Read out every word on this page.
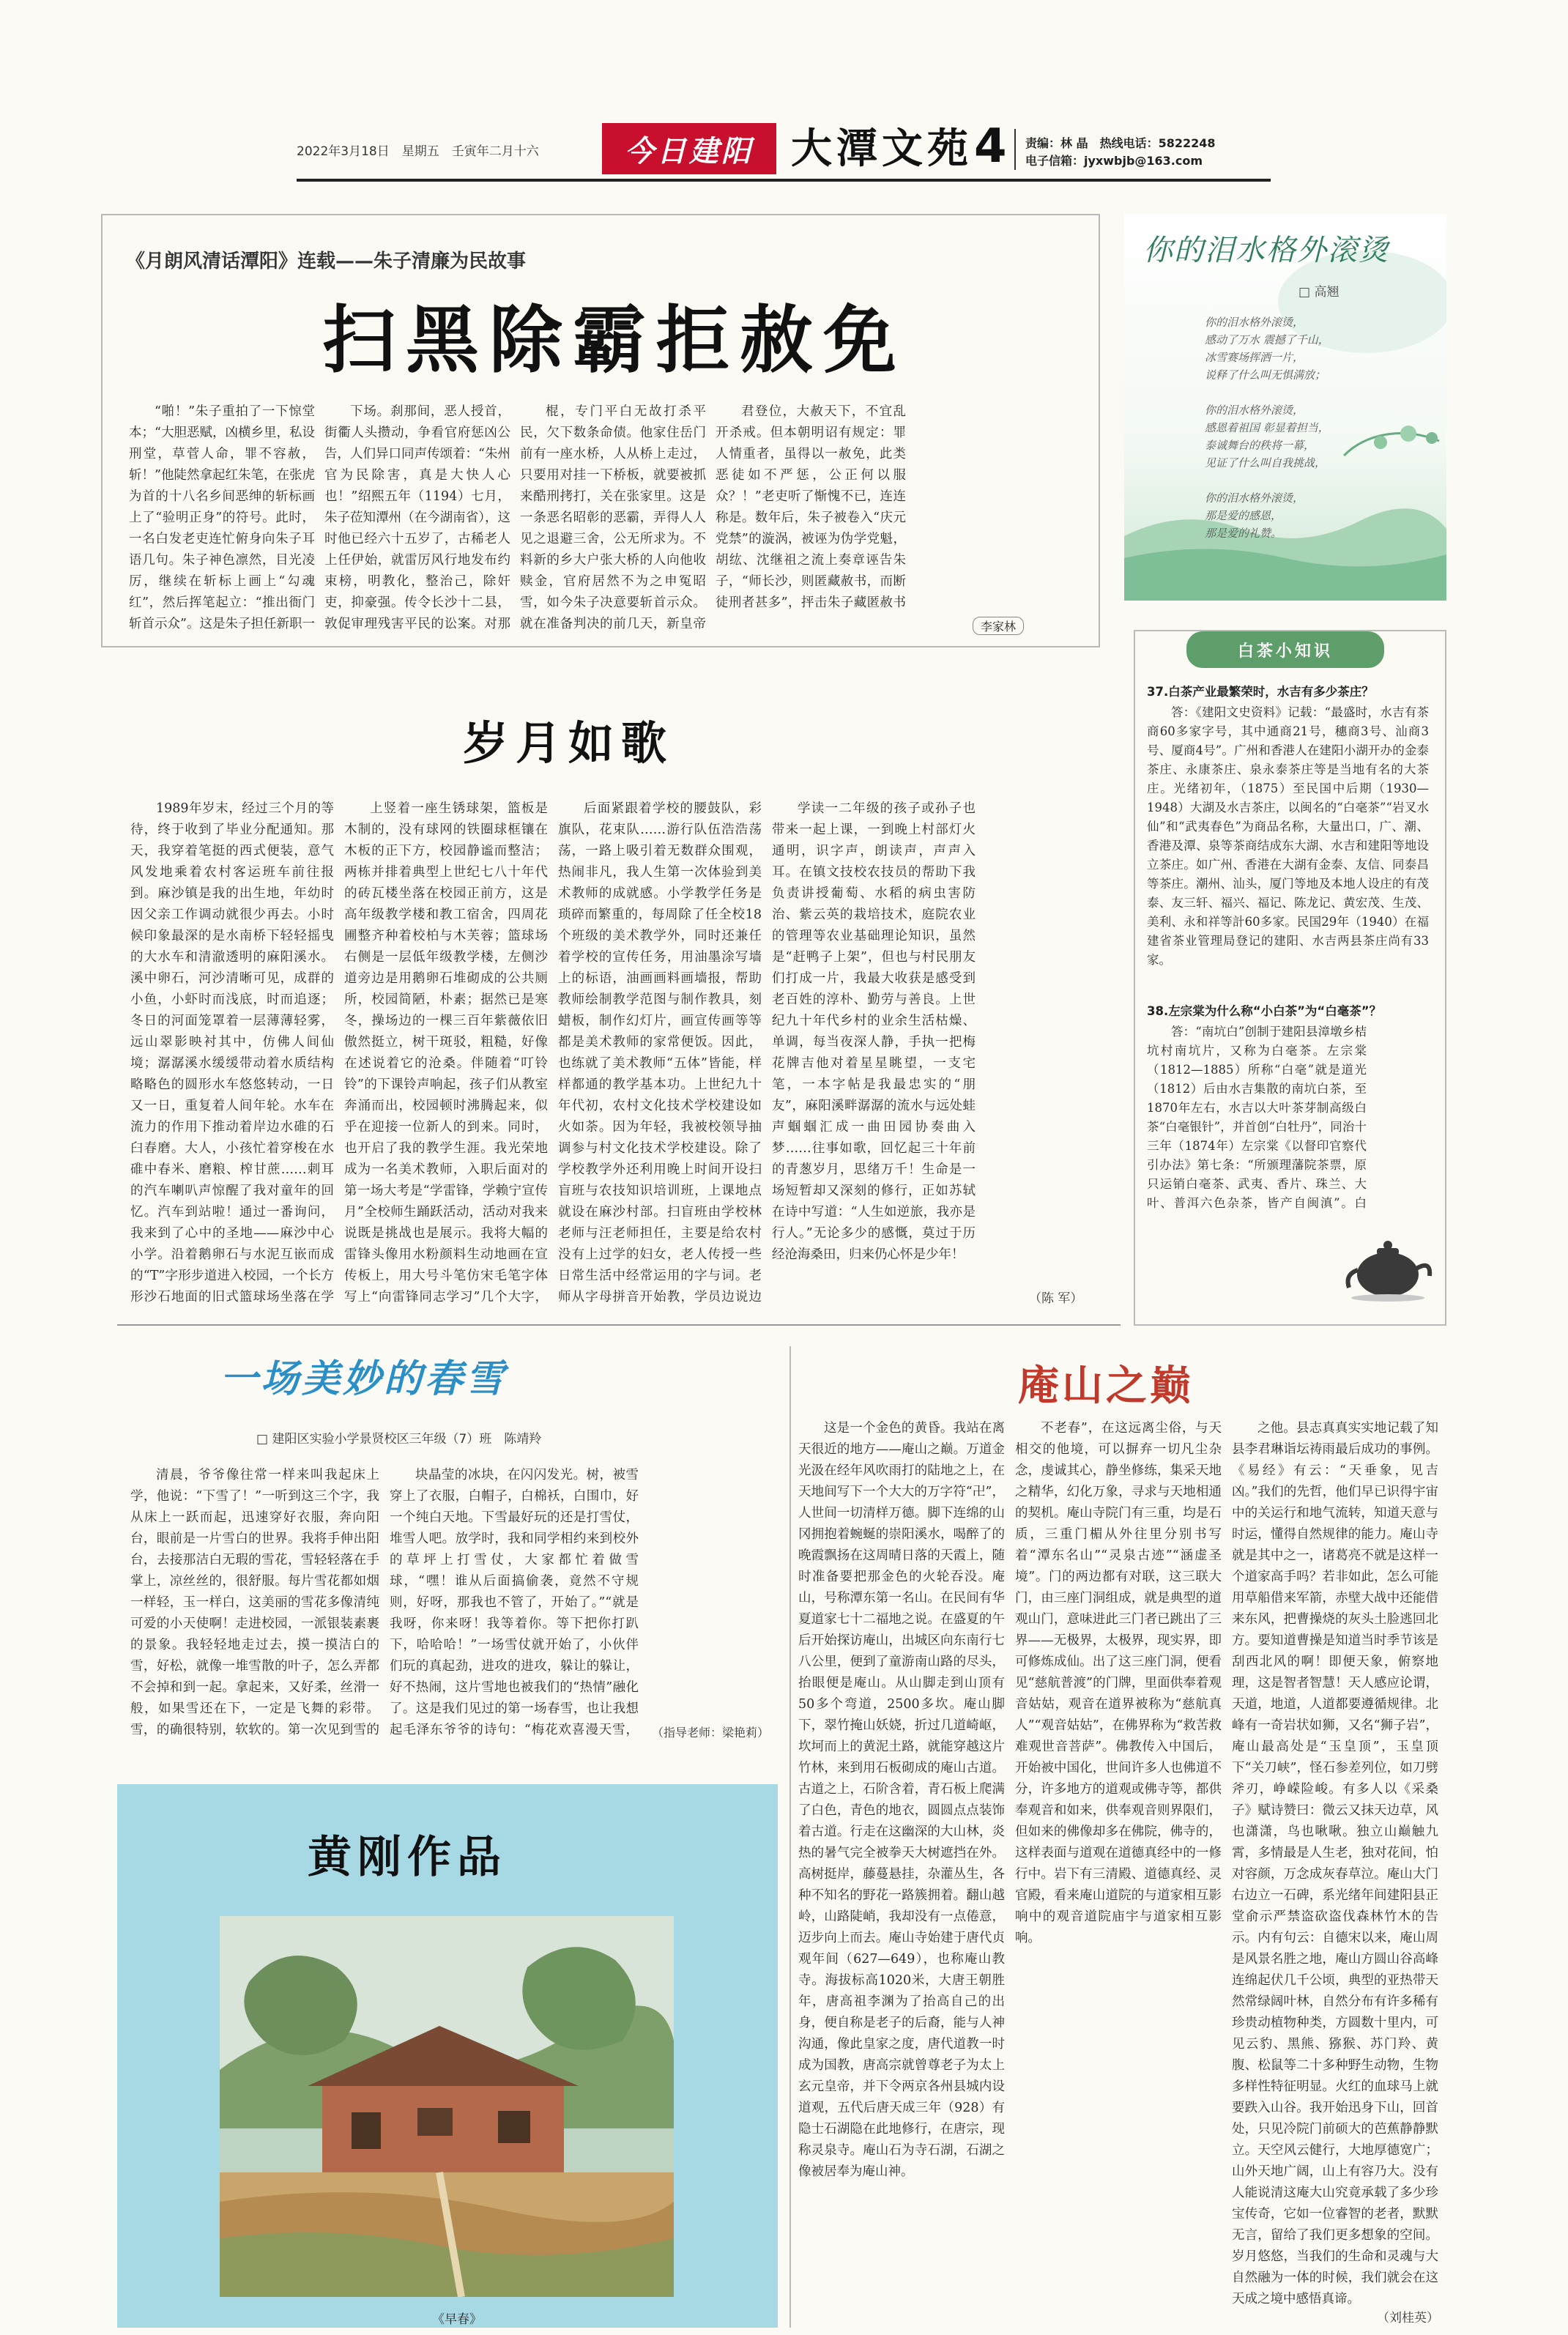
2022年3月18日　星期五　壬寅年二月十六	今日建阳 大潭文苑 4 责编：林 晶　热线电话：5822248
电子信箱：jyxwbjb@163.com
《月朗风清话潭阳》连载——朱子清廉为民故事
扫黑除霸拒赦免

“啪！”朱子重拍了一下惊堂本；“大胆恶赋，凶横乡里，私设刑堂，草菅人命，罪不容赦，斩！”他陡然拿起红朱笔，在张虎为首的十八名乡间恶绅的斩标画上了“验明正身”的符号。此时，一名白发老吏连忙俯身向朱子耳语几句。朱子神色凛然，目光凌厉，继续在斩标上画上“勾魂红”，然后挥笔起立：“推出衙门斩首示众”。这是朱子担任新职一

下场。刹那间，恶人授首，街衢人头攒动，争看官府惩凶公告，人们异口同声传颂着：“朱州官为民除害，真是大快人心也！”绍熙五年（1194）七月，朱子莅知潭州（在今湖南省），这时他已经六十五岁了，古稀老人上任伊始，就雷厉风行地发布约束榜，明教化，整治己，除奸吏，抑豪强。传令长沙十二县，敦促审理残害平民的讼案。对那

棍，专门平白无故打杀平民，欠下数条命债。他家住岳门前有一座水桥，人从桥上走过，只要用对挂一下桥板，就要被抓来酷刑拷打，关在张家里。这是一条恶名昭彰的恶霸，弄得人人见之退避三舍，公无所求为。不料新的乡大户张大桥的人向他收赎金，官府居然不为之申冤昭雪，如今朱子决意要斩首示众。就在准备判决的前几天，新皇帝

君登位，大赦天下，不宜乱开杀戒。但本朝明诏有规定：罪人情重者，虽得以一赦免，此类恶徒如不严惩，公正何以服众？！”老吏听了惭愧不已，连连称是。数年后，朱子被卷入“庆元党禁”的漩涡，被诬为伪学党魁，胡纮、沈继祖之流上奏章诬告朱子，“师长沙，则匿藏赦书，而断徒刑者甚多”，抨击朱子藏匿赦书

李家林
你的泪水格外滚烫
□ 高翘
你的泪水格外滚烫，
感动了万水 震撼了千山，
冰雪赛场挥洒一片，
说释了什么叫无惧满放；
你的泪水格外滚烫，
感恩着祖国 彰显着担当，
泰诚舞台的秩将一幕，
见证了什么叫自我挑战，
你的泪水格外滚烫，
那是爱的感恩，
那是爱的礼赞。
白茶小知识
37.白茶产业最繁荣时，水吉有多少茶庄？

答：《建阳文史资料》记载：“最盛时，水吉有茶商60多家字号，其中通商21号，穗商3号、汕商3号、厦商4号”。广州和香港人在建阳小湖开办的金泰茶庄、永康茶庄、泉永泰茶庄等是当地有名的大茶庄。光绪初年，（1875）至民国中后期（1930—1948）大湖及水吉茶庄，以闽名的“白毫茶”“岩叉水仙”和“武夷春色”为商品名称，大量出口，广、潮、香港及潭、泉等茶商结成东大湖、水吉和建阳等地设立茶庄。如广州、香港在大湖有金泰、友信、同泰昌等茶庄。潮州、汕头，厦门等地及本地人设庄的有茂泰、友三轩、福兴、福记、陈龙记、黄宏茂、生茂、美利、永和祥等計60多家。民国29年（1940）在福建省茶业管理局登记的建阳、水吉两县茶庄尚有33家。

38.左宗棠为什么称“小白茶”为“白毫茶”？

答：“南坑白”创制于建阳县漳墩乡桔坑村南坑片，又称为白毫茶。左宗棠（1812—1885）所称“白毫”就是道光（1812）后由水吉集散的南坑白茶，至1870年左右，水吉以大叶茶芽制高级白茶“白毫银针”，并首创“白牡丹”，同治十三年（1874年）左宗棠《以督印官察代引办法》第七条：“所颁理藩院茶票，原只运销白毫茶、武夷、香片、珠兰、大叶、普洱六色杂茶，皆产自闽滇”。白

岁月如歌

1989年岁末，经过三个月的等待，终于收到了毕业分配通知。那天，我穿着笔挺的西式便装，意气风发地乘着农村客运班车前往报到。麻沙镇是我的出生地，年幼时因父亲工作调动就很少再去。小时候印象最深的是水南桥下轻轻摇曳的大水车和清澈透明的麻阳溪水。溪中卵石，河沙清晰可见，成群的小鱼，小虾时而浅底，时而追逐；冬日的河面笼罩着一层薄薄轻雾，远山翠影映衬其中，仿佛人间仙境；潺潺溪水缓缓带动着水质结构略略色的圆形水车悠悠转动，一日又一日，重复着人间年轮。水车在流力的作用下推动着岸边水碓的石臼春磨。大人，小孩忙着穿梭在水碓中春米、磨粮、榨甘蔗……刺耳的汽车喇叭声惊醒了我对童年的回忆。汽车到站啦！通过一番询问，我来到了心中的圣地——麻沙中心小学。沿着鹅卵石与水泥互嵌而成的“T”字形步道进入校园，一个长方形沙石地面的旧式篮球场坐落在学

上竖着一座生锈球架，篮板是木制的，没有球网的铁圈球框镶在木板的正下方，校园静谧而整洁；两栋并排着典型上世纪七八十年代的砖瓦楼坐落在校园正前方，这是高年级教学楼和教工宿舍，四周花圃整齐种着校柏与木芙蓉；篮球场右侧是一层低年级教学楼，左侧沙道旁边是用鹅卵石堆砌成的公共厕所，校园简陋，朴素；据然已是寒冬，操场边的一棵三百年紫薇依旧傲然挺立，树干斑驳，粗糙，好像在述说着它的沧桑。伴随着“叮铃铃”的下课铃声响起，孩子们从教室奔涌而出，校园顿时沸腾起来，似乎在迎接一位新人的到来。同时，也开启了我的教学生涯。我光荣地成为一名美术教师，入职后面对的第一场大考是“学雷锋，学赖宁宣传月”全校师生踊跃活动，活动对我来说既是挑战也是展示。我将大幅的雷锋头像用水粉颜料生动地画在宣传板上，用大号斗笔仿宋毛笔字体写上“向雷锋同志学习”几个大字，

后面紧跟着学校的腰鼓队，彩旗队，花束队……游行队伍浩浩荡荡，一路上吸引着无数群众围观，热闹非凡，我人生第一次体验到美术教师的成就感。小学教学任务是琐碎而繁重的，每周除了任全校18个班级的美术教学外，同时还兼任着学校的宣传任务，用油墨涂写墙上的标语，油画画料画墙报，帮助教师绘制教学范图与制作教具，刻蜡板，制作幻灯片，画宣传画等等都是美术教师的家常便饭。因此，也练就了美术教师“五体”皆能，样样都通的教学基本功。上世纪九十年代初，农村文化技术学校建设如火如荼。因为年轻，我被校领导抽调参与村文化技术学校建设。除了学校教学外还利用晚上时间开设扫盲班与农技知识培训班，上课地点就设在麻沙村部。扫盲班由学校林老师与汪老师担任，主要是给农村没有上过学的妇女，老人传授一些日常生活中经常运用的字与词。老师从字母拼音开始教，学员边说边

学读一二年级的孩子或孙子也带来一起上课，一到晚上村部灯火通明，识字声，朗读声，声声入耳。在镇文技校农技员的帮助下我负责讲授葡萄、水稻的病虫害防治、紫云英的栽培技术，庭院农业的管理等农业基础理论知识，虽然是“赶鸭子上架”，但也与村民朋友们打成一片，我最大收获是感受到老百姓的淳朴、勤劳与善良。上世纪九十年代乡村的业余生活枯燥、单调，每当夜深人静，手执一把梅花牌吉他对着星星眺望，一支宅笔，一本字帖是我最忠实的“朋友”，麻阳溪畔潺潺的流水与远处蛙声蝈蝈汇成一曲田园协奏曲入梦……往事如歌，回忆起三十年前的青葱岁月，思绪万千！生命是一场短暂却又深刻的修行，正如苏轼在诗中写道：“人生如逆旅，我亦是行人。”无论多少的感慨，莫过于历经沧海桑田，归来仍心怀是少年！

（陈 军）
一场美妙的春雪
□ 建阳区实验小学景贤校区三年级（7）班　陈靖羚

清晨，爷爷像往常一样来叫我起床上学，他说：“下雪了！”一听到这三个字，我从床上一跃而起，迅速穿好衣服，奔向阳台，眼前是一片雪白的世界。我将手伸出阳台，去接那洁白无瑕的雪花，雪轻轻落在手掌上，凉丝丝的，很舒服。每片雪花都如烟一样轻，玉一样白，这美丽的雪花多像清纯可爱的小天使啊！走进校园，一派银装素裹的景象。我轻轻地走过去，摸一摸洁白的雪，好松，就像一堆雪散的叶子，怎么弄都不会掉和到一起。拿起来，又好柔，丝滑一般，如果雪还在下，一定是飞舞的彩带。雪，的确很特别，软软的。第一次见到雪的

块晶莹的冰块，在闪闪发光。树，被雪穿上了衣服，白帽子，白棉袄，白围巾，好一个纯白天地。下雪最好玩的还是打雪仗，堆雪人吧。放学时，我和同学相约来到校外的草坪上打雪仗，大家都忙着做雪球，“嘿！谁从后面搞偷袭，竟然不守规则，好呀，那我也不管了，开始了。”“就是我呀，你来呀！我等着你。等下把你打趴下，哈哈哈！”一场雪仗就开始了，小伙伴们玩的真起劲，进攻的进攻，躲让的躲让，好不热闹，这片雪地也被我们的“热情”融化了。这是我们见过的第一场春雪，也让我想起毛泽东爷爷的诗句：“梅花欢喜漫天雪， （指导老师：梁艳莉）
黄刚作品
《早春》
庵山之巅

这是一个金色的黄昏。我站在离天很近的地方——庵山之巅。万道金光汲在经年风吹雨打的陆地之上，在天地间写下一个大大的万字符“卍”，人世间一切清样万德。脚下连绵的山冈拥抱着蜿蜒的崇阳溪水，喝醉了的晚霞飘扬在这周晴日落的天霞上，随时准备要把那金色的火轮吞没。庵山，号称潭东第一名山。在民间有华夏道家七十二福地之说。在盛夏的午后开始探访庵山，出城区向东南行七八公里，便到了童游南山路的尽头，抬眼便是庵山。从山脚走到山顶有50多个弯道，2500多坎。庵山脚下，翠竹掩山妖娆，折过几道崎岖，坎坷而上的黄泥土路，就能穿越这片竹林，来到用石板砌成的庵山古道。古道之上，石阶含着，青石板上爬满了白色，青色的地衣，圆圆点点装饰着古道。行走在这幽深的大山林，炎热的暑气完全被拳天大树遮挡在外。高树挺岸，藤蔓悬挂，杂灌丛生，各种不知名的野花一路簇拥着。翻山越岭，山路陡峭，我却没有一点倦意，迈步向上而去。庵山寺始建于唐代贞观年间（627—649），也称庵山教寺。海拔标高1020米，大唐王朝胜年，唐高祖李渊为了抬高自己的出身，便自称是老子的后裔，能与人神沟通，像此皇家之度，唐代道教一时成为国教，唐高宗就曾尊老子为太上玄元皇帝，并下令两京各州县城内设道观，五代后唐天成三年（928）有隐士石湖隐在此地修行，在唐宗，现称灵泉寺。庵山石为寺石湖，石湖之像被居奉为庵山神。

不老春”，在这远离尘俗，与天相交的他境，可以摒弃一切凡尘杂念，虔诚其心，静坐修练，集采天地之精华，幻化万象，寻求与天地相通的契机。庵山寺院门有三重，均是石质，三重门楣从外往里分别书写着“潭东名山”“灵泉古迹”“涵虚圣境”。门的两边都有对联，这三联大门，由三座门洞组成，就是典型的道观山门，意味进此三门者已跳出了三界——无极界，太极界，现实界，即可修炼成仙。出了这三座门洞，便看见“慈航普渡”的门牌，里面供奉着观音姑姑，观音在道界被称为“慈航真人”“观音姑姑”，在佛界称为“救苦救难观世音菩萨”。佛教传入中国后，开始被中国化，世间许多人也佛道不分，许多地方的道观或佛寺等，都供奉观音和如来，供奉观音则界限们，但如来的佛像却多在佛院，佛寺的，这样表面与道观在道德真经中的一修行中。岩下有三清殿、道德真经、灵官殿，看来庵山道院的与道家相互影响中的观音道院庙宇与道家相互影响。

之他。县志真真实实地记载了知县李君琳诣坛祷雨最后成功的事例。《易经》有云：“天垂象，见吉凶。”我们的先哲，他们早已识得宇宙中的关运行和地气流转，知道天意与时运，懂得自然规律的能力。庵山寺就是其中之一，诸葛亮不就是这样一个道家高手吗？若非如此，怎么可能用草船借来军箭，赤壁大战中还能借来东风，把曹操烧的灰头土脸逃回北方。要知道曹操是知道当时季节该是刮西北风的啊！即便天象，俯察地理，这是智者智慧！天人感应论谓，天道，地道，人道都要遵循规律。北峰有一奇岩状如狮，又名“狮子岩”，庵山最高处是“玉皇顶”，玉皇顶下“关刀峡”，怪石参差列位，如刀劈斧刃，峥嵘险峻。有多人以《采桑子》赋诗赞曰：微云又抹天边草，风也潇潇，鸟也啾啾。独立山巅触九霄，多情最是人生老，独对花间，怕对容颜，万念成灰春草泣。庵山大门右边立一石碑，系光绪年间建阳县正堂俞示严禁盗砍盗伐森林竹木的告示。内有句云：自德宋以来，庵山周是风景名胜之地，庵山方圆山谷高峰连绵起伏几千公顷，典型的亚热带天然常绿阔叶林，自然分布有许多稀有珍贵动植物种类，方圆数十里内，可见云豹、黑熊、猕猴、苏门羚、黄腹、松鼠等二十多种野生动物，生物多样性特征明显。火红的血球马上就要跌入山谷。我开始迅身下山，回首处，只见冷院门前硕大的芭蕉静静默立。天空风云健行，大地厚德宽广；山外天地广阔，山上有容乃大。没有人能说清这庵大山究竟承载了多少珍宝传奇，它如一位睿智的老者，默默无言，留给了我们更多想象的空间。岁月悠悠，当我们的生命和灵魂与大自然融为一体的时候，我们就会在这天成之境中感悟真谛。

（刘桂英）
